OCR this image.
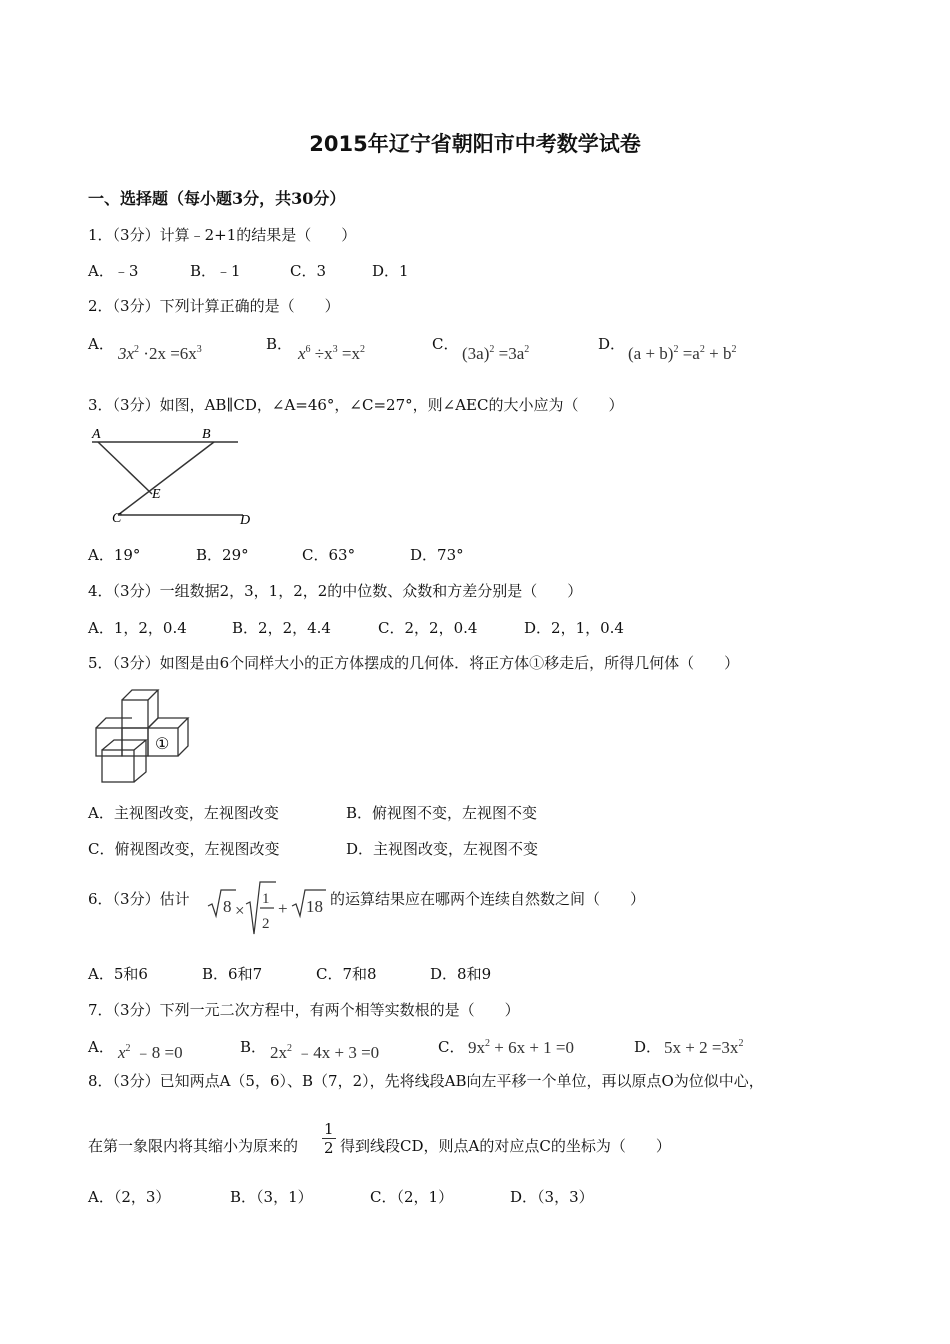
2015年辽宁省朝阳市中考数学试卷
一、选择题（每小题3分，共30分）
1．（3分）计算﹣2+1的结果是（　　）
A．﹣3	B．﹣1	C．3	D．1
2．（3分）下列计算正确的是（　　）
A． $3x^2 \cdot 2x =6x^3$	B． $x^6 \div x^3 =x^2$	C． $(3a)^2 =3a^2$	D． $(a + b)^2 =a^2 + b^2$
3．（3分）如图，AB∥CD，∠A=46°，∠C=27°，则∠AEC的大小应为（　　）
A	B
C	D
E
A．19°	B．29°	C．63°	D．73°
4．（3分）一组数据2，3，1，2，2的中位数、众数和方差分别是（　　）
A．1，2，0.4	B．2，2，4.4	C．2，2，0.4	D．2，1，0.4
5．（3分）如图是由6个同样大小的正方体摆成的几何体．将正方体①移走后，所得几何体（　　）
①
A．主视图改变，左视图改变	B．俯视图不变，左视图不变
C．俯视图改变，左视图改变	D．主视图改变，左视图不变
6．（3分）估计 8 ×
1
2
+ 18 的运算结果应在哪两个连续自然数之间（　　）
A．5和6	B．6和7	C．7和8	D．8和9
7．（3分）下列一元二次方程中，有两个相等实数根的是（　　）
A． $x^2$ ﹣8 =0	B． $2x^2$ ﹣4x + 3 =0	C． $9x^2 + 6x + 1 =0$	D． $5x + 2 =3x^2$
8．（3分）已知两点A（5，6）、B（7，2），先将线段AB向左平移一个单位，再以原点O为位似中心，
在第一象限内将其缩小为原来的 $\frac{1}{2}$ 得到线段CD，则点A的对应点C的坐标为（　　）
A．（2，3）	B．（3，1）	C．（2，1）	D．（3，3）
